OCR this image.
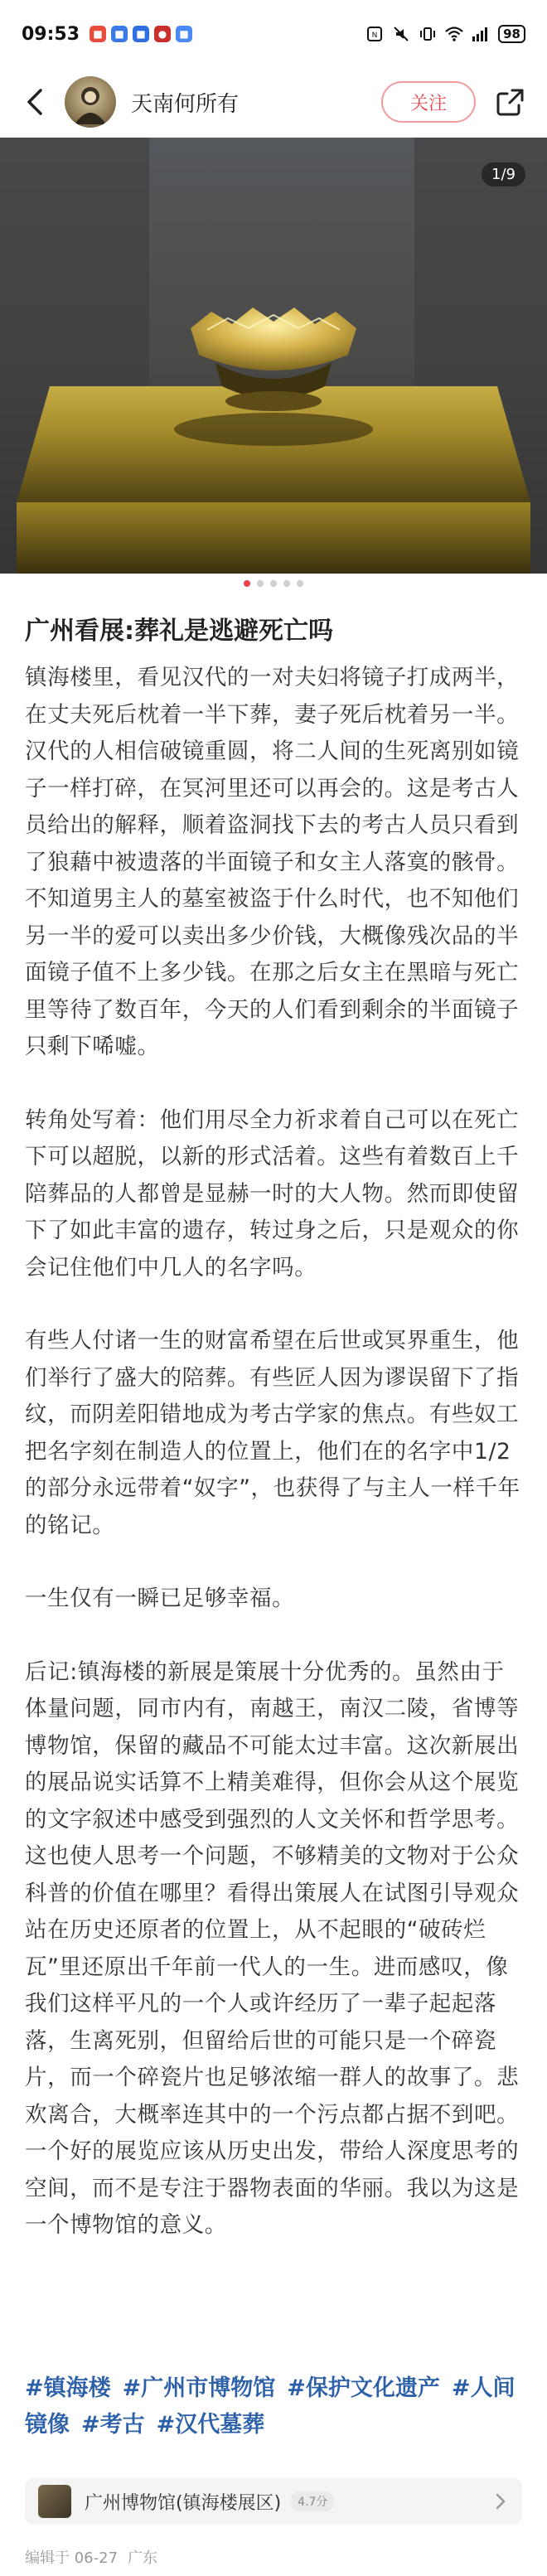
09:53	■	■	■	●	■	N	98
天南何所有	关注
1/9
广州看展:葬礼是逃避死亡吗

镇海楼里，看见汉代的一对夫妇将镜子打成两半，在丈夫死后枕着一半下葬，妻子死后枕着另一半。汉代的人相信破镜重圆，将二人间的生死离别如镜子一样打碎，在冥河里还可以再会的。这是考古人员给出的解释，顺着盗洞找下去的考古人员只看到了狼藉中被遗落的半面镜子和女主人落寞的骸骨。不知道男主人的墓室被盗于什么时代，也不知他们另一半的爱可以卖出多少价钱，大概像残次品的半面镜子值不上多少钱。在那之后女主在黑暗与死亡里等待了数百年，今天的人们看到剩余的半面镜子只剩下唏嘘。

转角处写着：他们用尽全力祈求着自己可以在死亡下可以超脱，以新的形式活着。这些有着数百上千陪葬品的人都曾是显赫一时的大人物。然而即使留下了如此丰富的遗存，转过身之后，只是观众的你会记住他们中几人的名字吗。

有些人付诸一生的财富希望在后世或冥界重生，他们举行了盛大的陪葬。有些匠人因为谬误留下了指纹，而阴差阳错地成为考古学家的焦点。有些奴工把名字刻在制造人的位置上，他们在的名字中1/2的部分永远带着“奴字”，也获得了与主人一样千年的铭记。

一生仅有一瞬已足够幸福。

后记:镇海楼的新展是策展十分优秀的。虽然由于体量问题，同市内有，南越王，南汉二陵，省博等博物馆，保留的藏品不可能太过丰富。这次新展出的展品说实话算不上精美难得，但你会从这个展览的文字叙述中感受到强烈的人文关怀和哲学思考。这也使人思考一个问题，不够精美的文物对于公众科普的价值在哪里？看得出策展人在试图引导观众站在历史还原者的位置上，从不起眼的“破砖烂瓦”里还原出千年前一代人的一生。进而感叹，像我们这样平凡的一个人或许经历了一辈子起起落落，生离死别，但留给后世的可能只是一个碎瓷片，而一个碎瓷片也足够浓缩一群人的故事了。悲欢离合，大概率连其中的一个污点都占据不到吧。

一个好的展览应该从历史出发，带给人深度思考的空间，而不是专注于器物表面的华丽。我以为这是一个博物馆的意义。

#镇海楼 #广州市博物馆 #保护文化遗产 #人间镜像 #考古 #汉代墓葬
广州博物馆(镇海楼展区)	4.7分
编辑于 06-27 广东
